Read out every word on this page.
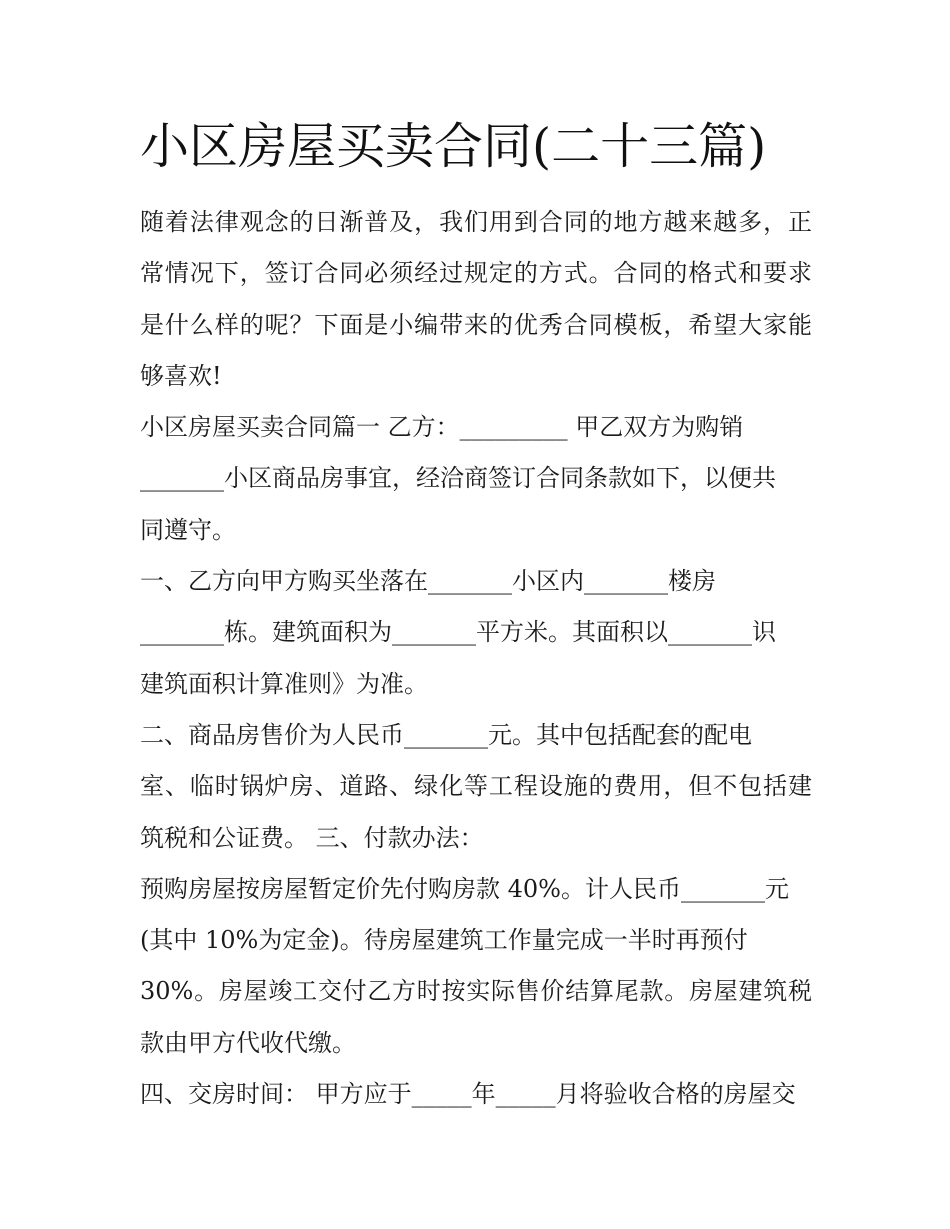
小区房屋买卖合同(二十三篇)
随着法律观念的日渐普及，我们用到合同的地方越来越多，正
常情况下，签订合同必须经过规定的方式。合同的格式和要求
是什么样的呢？下面是小编带来的优秀合同模板，希望大家能
够喜欢!
小区房屋买卖合同篇一 乙方：_________ 甲乙双方为购销
_______小区商品房事宜，经洽商签订合同条款如下，以便共
同遵守。
一、乙方向甲方购买坐落在_______小区内_______楼房
_______栋。建筑面积为_______平方米。其面积以_______识
建筑面积计算准则》为准。
二、商品房售价为人民币_______元。其中包括配套的配电
室、临时锅炉房、道路、绿化等工程设施的费用，但不包括建
筑税和公证费。 三、付款办法：
预购房屋按房屋暂定价先付购房款 40%。计人民币_______元
(其中 10%为定金)。待房屋建筑工作量完成一半时再预付
30%。房屋竣工交付乙方时按实际售价结算尾款。房屋建筑税
款由甲方代收代缴。
四、交房时间： 甲方应于_____年_____月将验收合格的房屋交
